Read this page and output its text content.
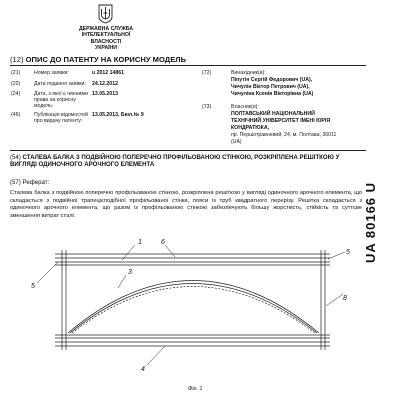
ДЕРЖАВНА СЛУЖБА
ІНТЕЛЕКТУАЛЬНОЇ
ВЛАСНОСТІ
УКРАЇНИ
(12) ОПИС ДО ПАТЕНТУ НА КОРИСНУ МОДЕЛЬ
(21)	Номер заявки:	u 2012 14861
(22)	Дата подання заявки: 24.12.2012
(24)	Дата, з якої є чинними права на корисну модель:
13.05.2013
(46)	Публікація відомостей про видачу патенту:
13.05.2013, Бюл.№ 9
(72)	Винахідник(и):
Піпутін Сергій Федорович (UA),
Чичулін Віктор Петрович (UA),
Чичуліна Ксенія Вікторівна (UA)
(73)	Власник(и):
ПОЛТАВСЬКИЙ НАЦІОНАЛЬНИЙ
ТЕХНІЧНИЙ УНІВЕРСИТЕТ ІМЕНІ ЮРІЯ
КОНДРАТЮКА,
пр. Першотравневий, 24, м. Полтава, 36011
(UA)
(54) СТАЛЕВА БАЛКА З ПОДВІЙНОЮ ПОПЕРЕЧНО ПРОФІЛЬОВАНОЮ СТІНКОЮ, РОЗКРІПЛЕНА РЕШІТКОЮ У ВИГЛЯДІ ОДИНОЧНОГО АРОЧНОГО ЕЛЕМЕНТА
(57) Реферат:
Сталева балка з подвійною поперечно профільованою стінкою, розкріплена решіткою у вигляді одиночного арочного елемента, що складається з подвійної трапецієподібної профільованої стінки, пояси із труб квадратного перерізу. Решітка складається з одиночного арочного елемента, що разом із профільованою стінкою забезпечують більшу жорсткість, стійкість та суттєве зменшення витрат сталі.	UA 80166 U
1	6
3
5
5
8
4
Фіг. 1
